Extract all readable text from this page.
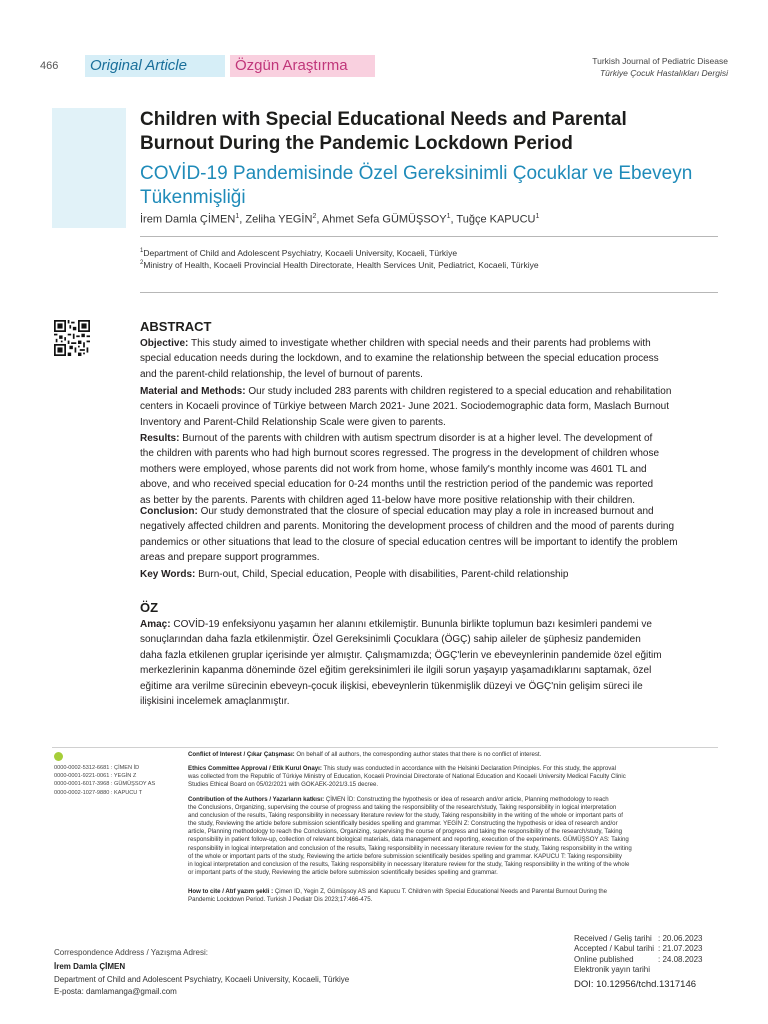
466 Original Article	Özgün Araştırma	Turkish Journal of Pediatric Disease
Türkiye Çocuk Hastalıkları Dergisi
Children with Special Educational Needs and Parental
Burnout During the Pandemic Lockdown Period
COVİD-19 Pandemisinde Özel Gereksinimli Çocuklar ve Ebeveyn
Tükenmişliği
İrem Damla ÇİMEN$^1$, Zeliha YEGİN$^2$, Ahmet Sefa GÜMÜŞSOY$^1$, Tuğçe KAPUCU$^1$
$^1$Department of Child and Adolescent Psychiatry, Kocaeli University, Kocaeli, Türkiye
$^2$Ministry of Health, Kocaeli Provincial Health Directorate, Health Services Unit, Pediatrict, Kocaeli, Türkiye
ABSTRACT
Objective: This study aimed to investigate whether children with special needs and their parents had problems with
special education needs during the lockdown, and to examine the relationship between the special education process
and the parent-child relationship, the level of burnout of parents.
Material and Methods: Our study included 283 parents with children registered to a special education and rehabilitation
centers in Kocaeli province of Türkiye between March 2021- June 2021. Sociodemographic data form, Maslach Burnout
Inventory and Parent-Child Relationship Scale were given to parents.
Results: Burnout of the parents with children with autism spectrum disorder is at a higher level. The development of
the children with parents who had high burnout scores regressed. The progress in the development of children whose
mothers were employed, whose parents did not work from home, whose family's monthly income was 4601 TL and
above, and who received special education for 0-24 months until the restriction period of the pandemic was reported
as better by the parents. Parents with children aged 11-below have more positive relationship with their children.
Conclusion: Our study demonstrated that the closure of special education may play a role in increased burnout and
negatively affected children and parents. Monitoring the development process of children and the mood of parents during
pandemics or other situations that lead to the closure of special education centres will be important to identify the problem
areas and prepare support programmes.
Key Words: Burn-out, Child, Special education, People with disabilities, Parent-child relationship
ÖZ
Amaç: COVİD-19 enfeksiyonu yaşamın her alanını etkilemiştir. Bununla birlikte toplumun bazı kesimleri pandemi ve
sonuçlarından daha fazla etkilenmiştir. Özel Gereksinimli Çocuklara (ÖGÇ) sahip aileler de şüphesiz pandemiden
daha fazla etkilenen gruplar içerisinde yer almıştır. Çalışmamızda; ÖGÇ'lerin ve ebeveynlerinin pandemide özel eğitim
merkezlerinin kapanma döneminde özel eğitim gereksinimleri ile ilgili sorun yaşayıp yaşamadıklarını saptamak, özel
eğitime ara verilme sürecinin ebeveyn-çocuk ilişkisi, ebeveynlerin tükenmişlik düzeyi ve ÖGÇ'nin gelişim süreci ile
ilişkisini incelemek amaçlanmıştır.
0000-0002-5312-6681 : ÇİMEN İD
0000-0001-9221-0061 : YEGİN Z
0000-0001-6017-3968 : GÜMÜŞSOY AS
0000-0002-1027-9880 : KAPUCU T
Conflict of Interest / Çıkar Çatışması: On behalf of all authors, the corresponding author states that there is no conflict of interest.
Ethics Committee Approval / Etik Kurul Onayı: This study was conducted in accordance with the Helsinki Declaration Principles. For this study, the approval
was collected from the Republic of Türkiye Ministry of Education, Kocaeli Provincial Directorate of National Education and Kocaeli University Medical Faculty Clinic
Studies Ethical Board on 05/02/2021 with GOKAEK-2021/3.15 decree.
Contribution of the Authors / Yazarların katkısı: ÇİMEN İD: Constructing the hypothesis or idea of research and/or article, Planning methodology to reach
the Conclusions, Organizing, supervising the course of progress and taking the responsibility of the research/study, Taking responsibility in logical interpretation
and conclusion of the results, Taking responsibility in necessary literature review for the study, Taking responsibility in the writing of the whole or important parts of
the study, Reviewing the article before submission scientifically besides spelling and grammar. YEGİN Z: Constructing the hypothesis or idea of research and/or
article, Planning methodology to reach the Conclusions, Organizing, supervising the course of progress and taking the responsibility of the research/study, Taking
responsibility in patient follow-up, collection of relevant biological materials, data management and reporting, execution of the experiments. GÜMÜŞSOY AS: Taking
responsibility in logical interpretation and conclusion of the results, Taking responsibility in necessary literature review for the study, Taking responsibility in the writing
of the whole or important parts of the study, Reviewing the article before submission scientifically besides spelling and grammar. KAPUCU T: Taking responsibility
in logical interpretation and conclusion of the results, Taking responsibility in necessary literature review for the study, Taking responsibility in the writing of the whole
or important parts of the study, Reviewing the article before submission scientifically besides spelling and grammar.
How to cite / Atıf yazım şekli : Çimen ID, Yegin Z, Gümüşsoy AS and Kapucu T. Children with Special Educational Needs and Parental Burnout During the
Pandemic Lockdown Period. Turkish J Pediatr Dis 2023;17:466-475.
Correspondence Address / Yazışma Adresi:
İrem Damla ÇİMEN
Department of Child and Adolescent Psychiatry, Kocaeli University, Kocaeli, Türkiye
E-posta: damlamanga@gmail.com
Received / Geliş tarihi : 20.06.2023
Accepted / Kabul tarihi : 21.07.2023
Online published	: 24.08.2023
Elektronik yayın tarihi
DOI: 10.12956/tchd.1317146
